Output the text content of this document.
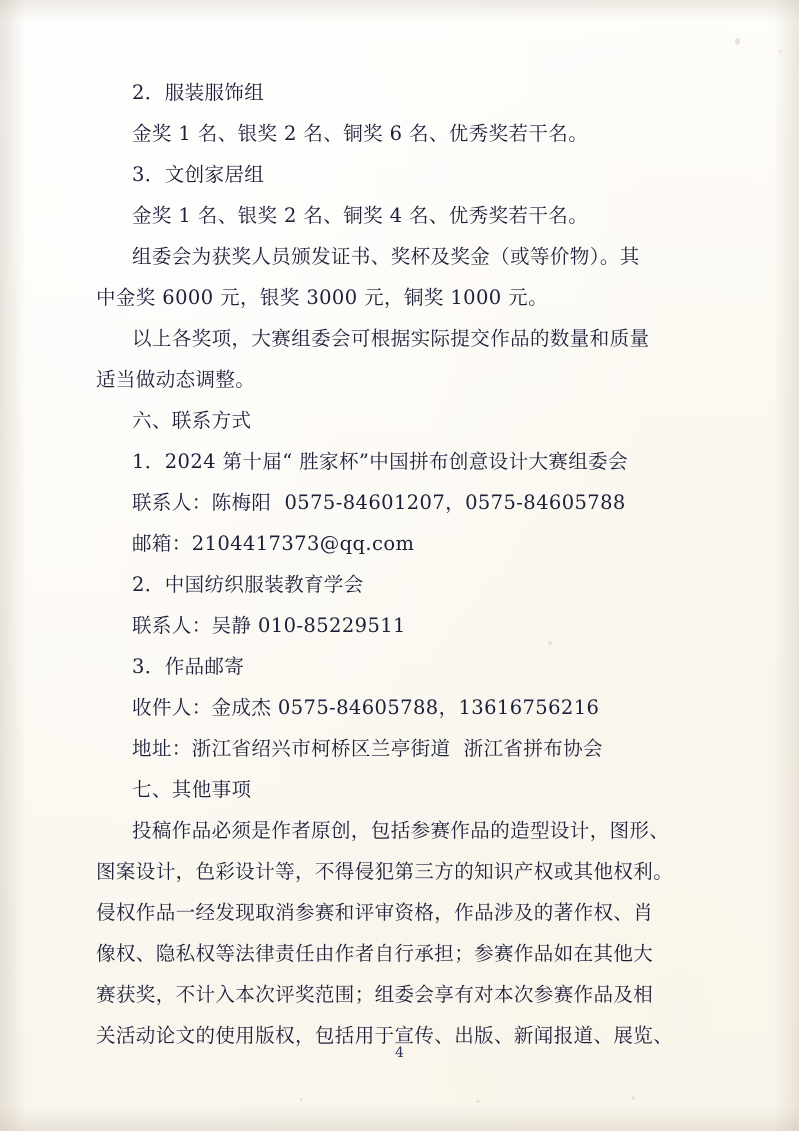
2．服装服饰组
金奖 1 名、银奖 2 名、铜奖 6 名、优秀奖若干名。
3．文创家居组
金奖 1 名、银奖 2 名、铜奖 4 名、优秀奖若干名。
组委会为获奖人员颁发证书、奖杯及奖金（或等价物）。其
中金奖 6000 元，银奖 3000 元，铜奖 1000 元。
以上各奖项，大赛组委会可根据实际提交作品的数量和质量
适当做动态调整。
六、联系方式
1．2024 第十届“ 胜家杯”中国拼布创意设计大赛组委会
联系人：陈梅阳  0575-84601207，0575-84605788
邮箱：2104417373@qq.com
2．中国纺织服装教育学会
联系人：吴静 010-85229511
3．作品邮寄
收件人：金成杰 0575-84605788，13616756216
地址：浙江省绍兴市柯桥区兰亭街道  浙江省拼布协会
七、其他事项
投稿作品必须是作者原创，包括参赛作品的造型设计，图形、
图案设计，色彩设计等，不得侵犯第三方的知识产权或其他权利。
侵权作品一经发现取消参赛和评审资格，作品涉及的著作权、肖
像权、隐私权等法律责任由作者自行承担；参赛作品如在其他大
赛获奖，不计入本次评奖范围；组委会享有对本次参赛作品及相
关活动论文的使用版权，包括用于宣传、出版、新闻报道、展览、
4
